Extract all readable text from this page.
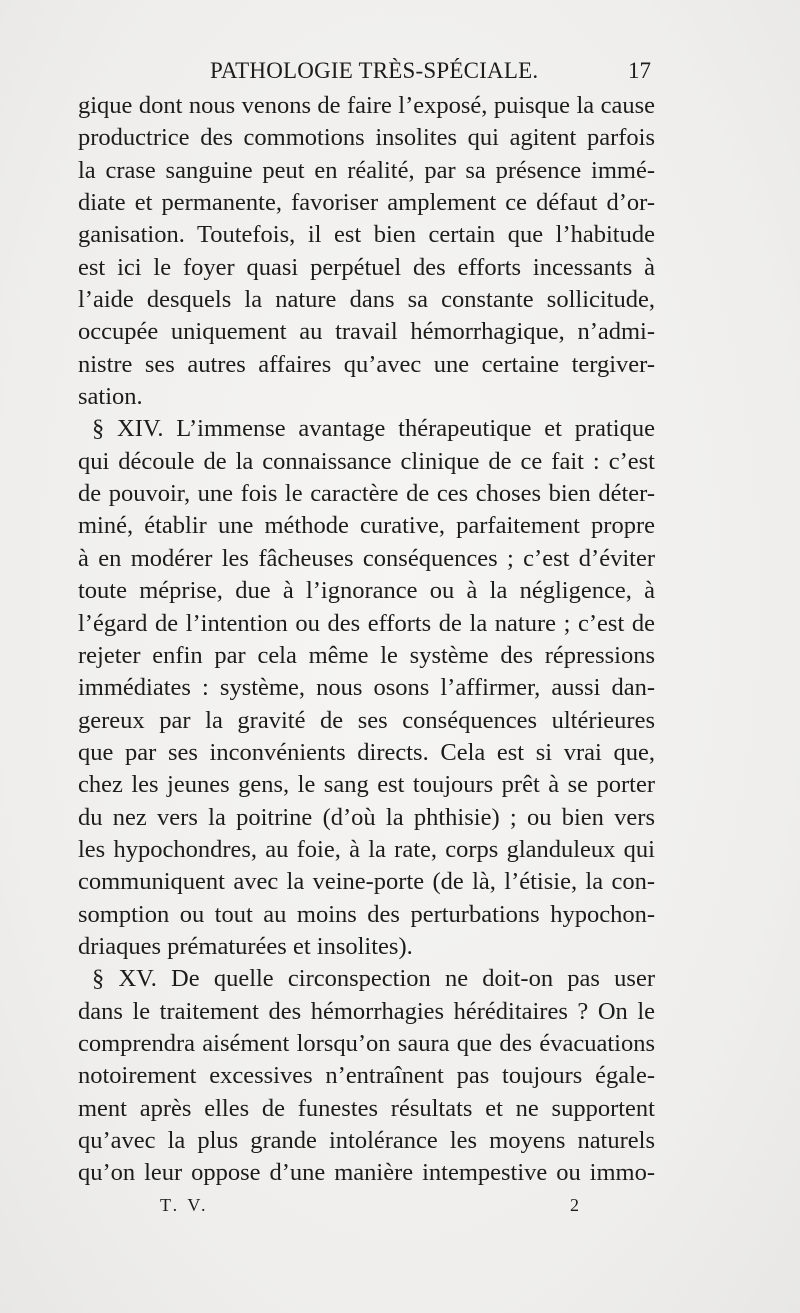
PATHOLOGIE TRÈS-SPÉCIALE.	17
gique dont nous venons de faire l’exposé, puisque la cause
productrice des commotions insolites qui agitent parfois
la crase sanguine peut en réalité, par sa présence immé-
diate et permanente, favoriser amplement ce défaut d’or-
ganisation. Toutefois, il est bien certain que l’habitude
est ici le foyer quasi perpétuel des efforts incessants à
l’aide desquels la nature dans sa constante sollicitude,
occupée uniquement au travail hémorrhagique, n’admi-
nistre ses autres affaires qu’avec une certaine tergiver-
sation.
§ XIV. L’immense avantage thérapeutique et pratique
qui découle de la connaissance clinique de ce fait : c’est
de pouvoir, une fois le caractère de ces choses bien déter-
miné, établir une méthode curative, parfaitement propre
à en modérer les fâcheuses conséquences ; c’est d’éviter
toute méprise, due à l’ignorance ou à la négligence, à
l’égard de l’intention ou des efforts de la nature ; c’est de
rejeter enfin par cela même le système des répressions
immédiates : système, nous osons l’affirmer, aussi dan-
gereux par la gravité de ses conséquences ultérieures
que par ses inconvénients directs. Cela est si vrai que,
chez les jeunes gens, le sang est toujours prêt à se porter
du nez vers la poitrine (d’où la phthisie) ; ou bien vers
les hypochondres, au foie, à la rate, corps glanduleux qui
communiquent avec la veine-porte (de là, l’étisie, la con-
somption ou tout au moins des perturbations hypochon-
driaques prématurées et insolites).
§ XV. De quelle circonspection ne doit-on pas user
dans le traitement des hémorrhagies héréditaires ? On le
comprendra aisément lorsqu’on saura que des évacuations
notoirement excessives n’entraînent pas toujours égale-
ment après elles de funestes résultats et ne supportent
qu’avec la plus grande intolérance les moyens naturels
qu’on leur oppose d’une manière intempestive ou immo-
T. V.	2
